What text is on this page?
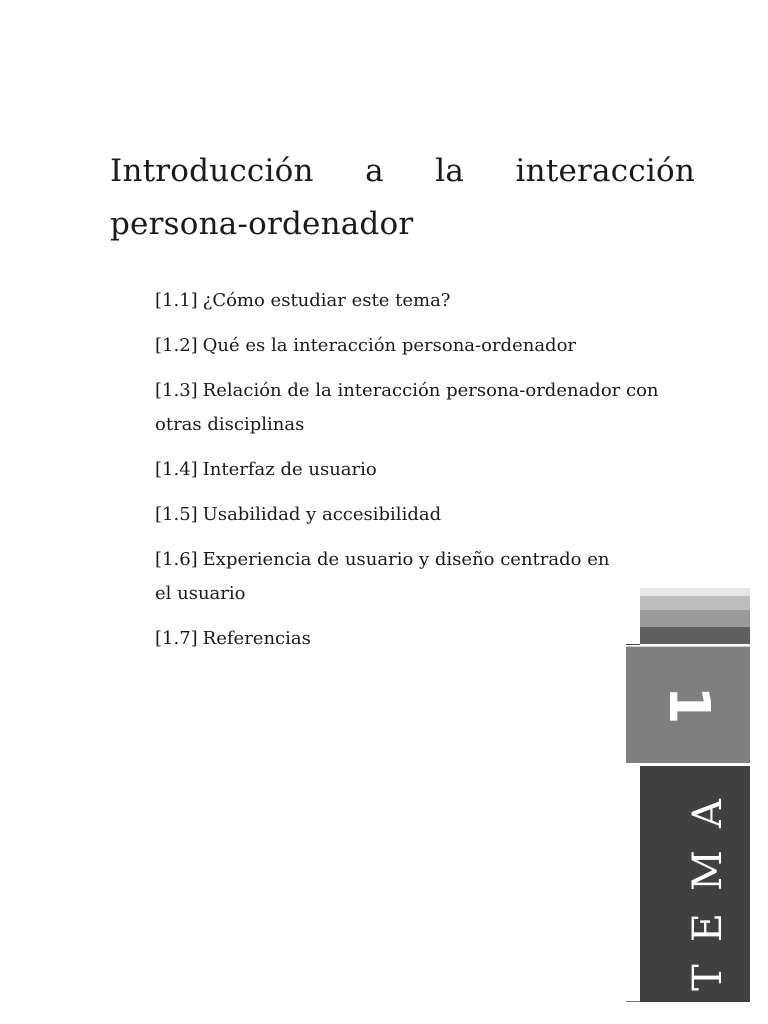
Introducción a la interacción persona-ordenador
[1.1] ¿Cómo estudiar este tema?
[1.2] Qué es la interacción persona-ordenador
[1.3] Relación de la interacción persona-ordenador con otras disciplinas
[1.4] Interfaz de usuario
[1.5] Usabilidad y accesibilidad
[1.6] Experiencia de usuario y diseño centrado en el usuario
[1.7] Referencias
1
TEMA
